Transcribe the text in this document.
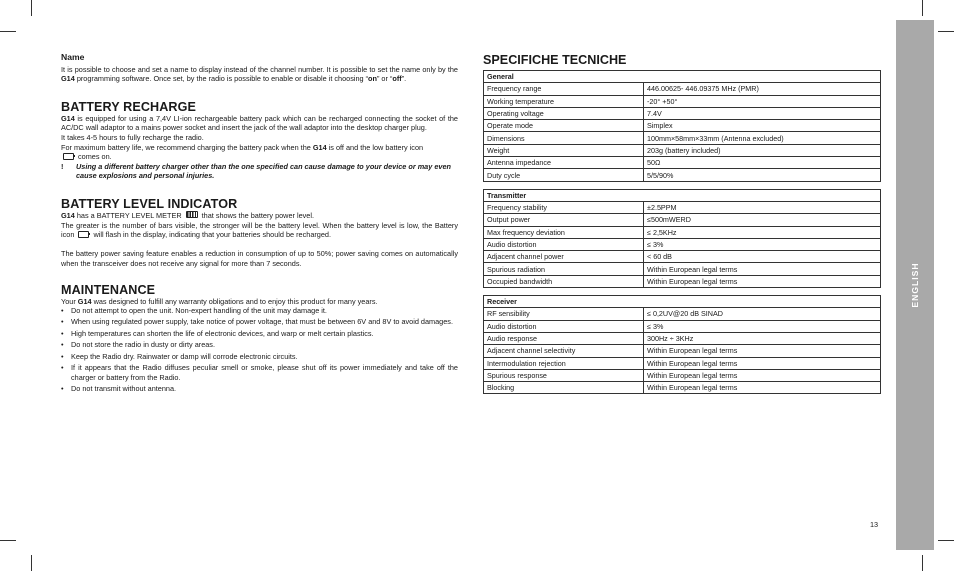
Name

It is possible to choose and set a name to display instead of the channel number. It is possible to set the name only by the G14 programming software. Once set, by the radio is possible to enable or disable it choosing “on” or “off”.

BATTERY RECHARGE

G14 is equipped for using a 7,4V LI-ion rechargeable battery pack which can be recharged connecting the socket of the AC/DC wall adaptor to a mains power socket and insert the jack of the wall adaptor into the desktop charger plug.

It takes 4-5 hours to fully recharge the radio.

For maximum battery life, we recommend charging the battery pack when the G14 is off and the low battery icon
comes on.

!	Using a different battery charger other than the one specified can cause damage to your device or may even cause explosions and personal injuries.
BATTERY LEVEL INDICATOR

G14 has a BATTERY LEVEL METER  that shows the battery power level.

The greater is the number of bars visible, the stronger will be the battery level. When the battery level is low, the Battery icon  will flash in the display, indicating that your batteries should be recharged.

The battery power saving feature enables a reduction in consumption of up to 50%; power saving comes on automatically when the transceiver does not receive any signal for more than 7 seconds.

MAINTENANCE

Your G14 was designed to fulfill any warranty obligations and to enjoy this product for many years.

•	Do not attempt to open the unit. Non-expert handling of the unit may damage it.
•	When using regulated power supply, take notice of power voltage, that must be between 6V and 8V to avoid damages.
•	High temperatures can shorten the life of electronic devices, and warp or melt certain plastics.
•	Do not store the radio in dusty or dirty areas.
•	Keep the Radio dry. Rainwater or damp will corrode electronic circuits.
•	If it appears that the Radio diffuses peculiar smell or smoke, please shut off its power immediately and take off the charger or battery from the Radio.
•	Do not transmit without antenna.
SPECIFICHE TECNICHE
General	
Frequency range	446.00625- 446.09375 MHz (PMR)
Working temperature	-20° +50°
Operating voltage	7.4V
Operate mode	Simplex
Dimensions	100mm×58mm×33mm (Antenna excluded)
Weight	203g (battery included)
Antenna impedance	50Ω
Duty cycle	5/5/90%
Transmitter	
Frequency stability	±2.5PPM
Output power	≤500mWERD
Max frequency deviation	≤ 2,5KHz
Audio distortion	≤ 3%
Adjacent channel power	< 60 dB
Spurious radiation	Within European legal terms
Occupied bandwidth	Within European legal terms
Receiver	
RF sensibility	≤ 0,2UV@20 dB SINAD
Audio distortion	≤ 3%
Audio response	300Hz ÷ 3KHz
Adjacent channel selectivity	Within European legal terms
Intermodulation rejection	Within European legal terms
Spurious response	Within European legal terms
Blocking	Within European legal terms
ENGLISH
13
